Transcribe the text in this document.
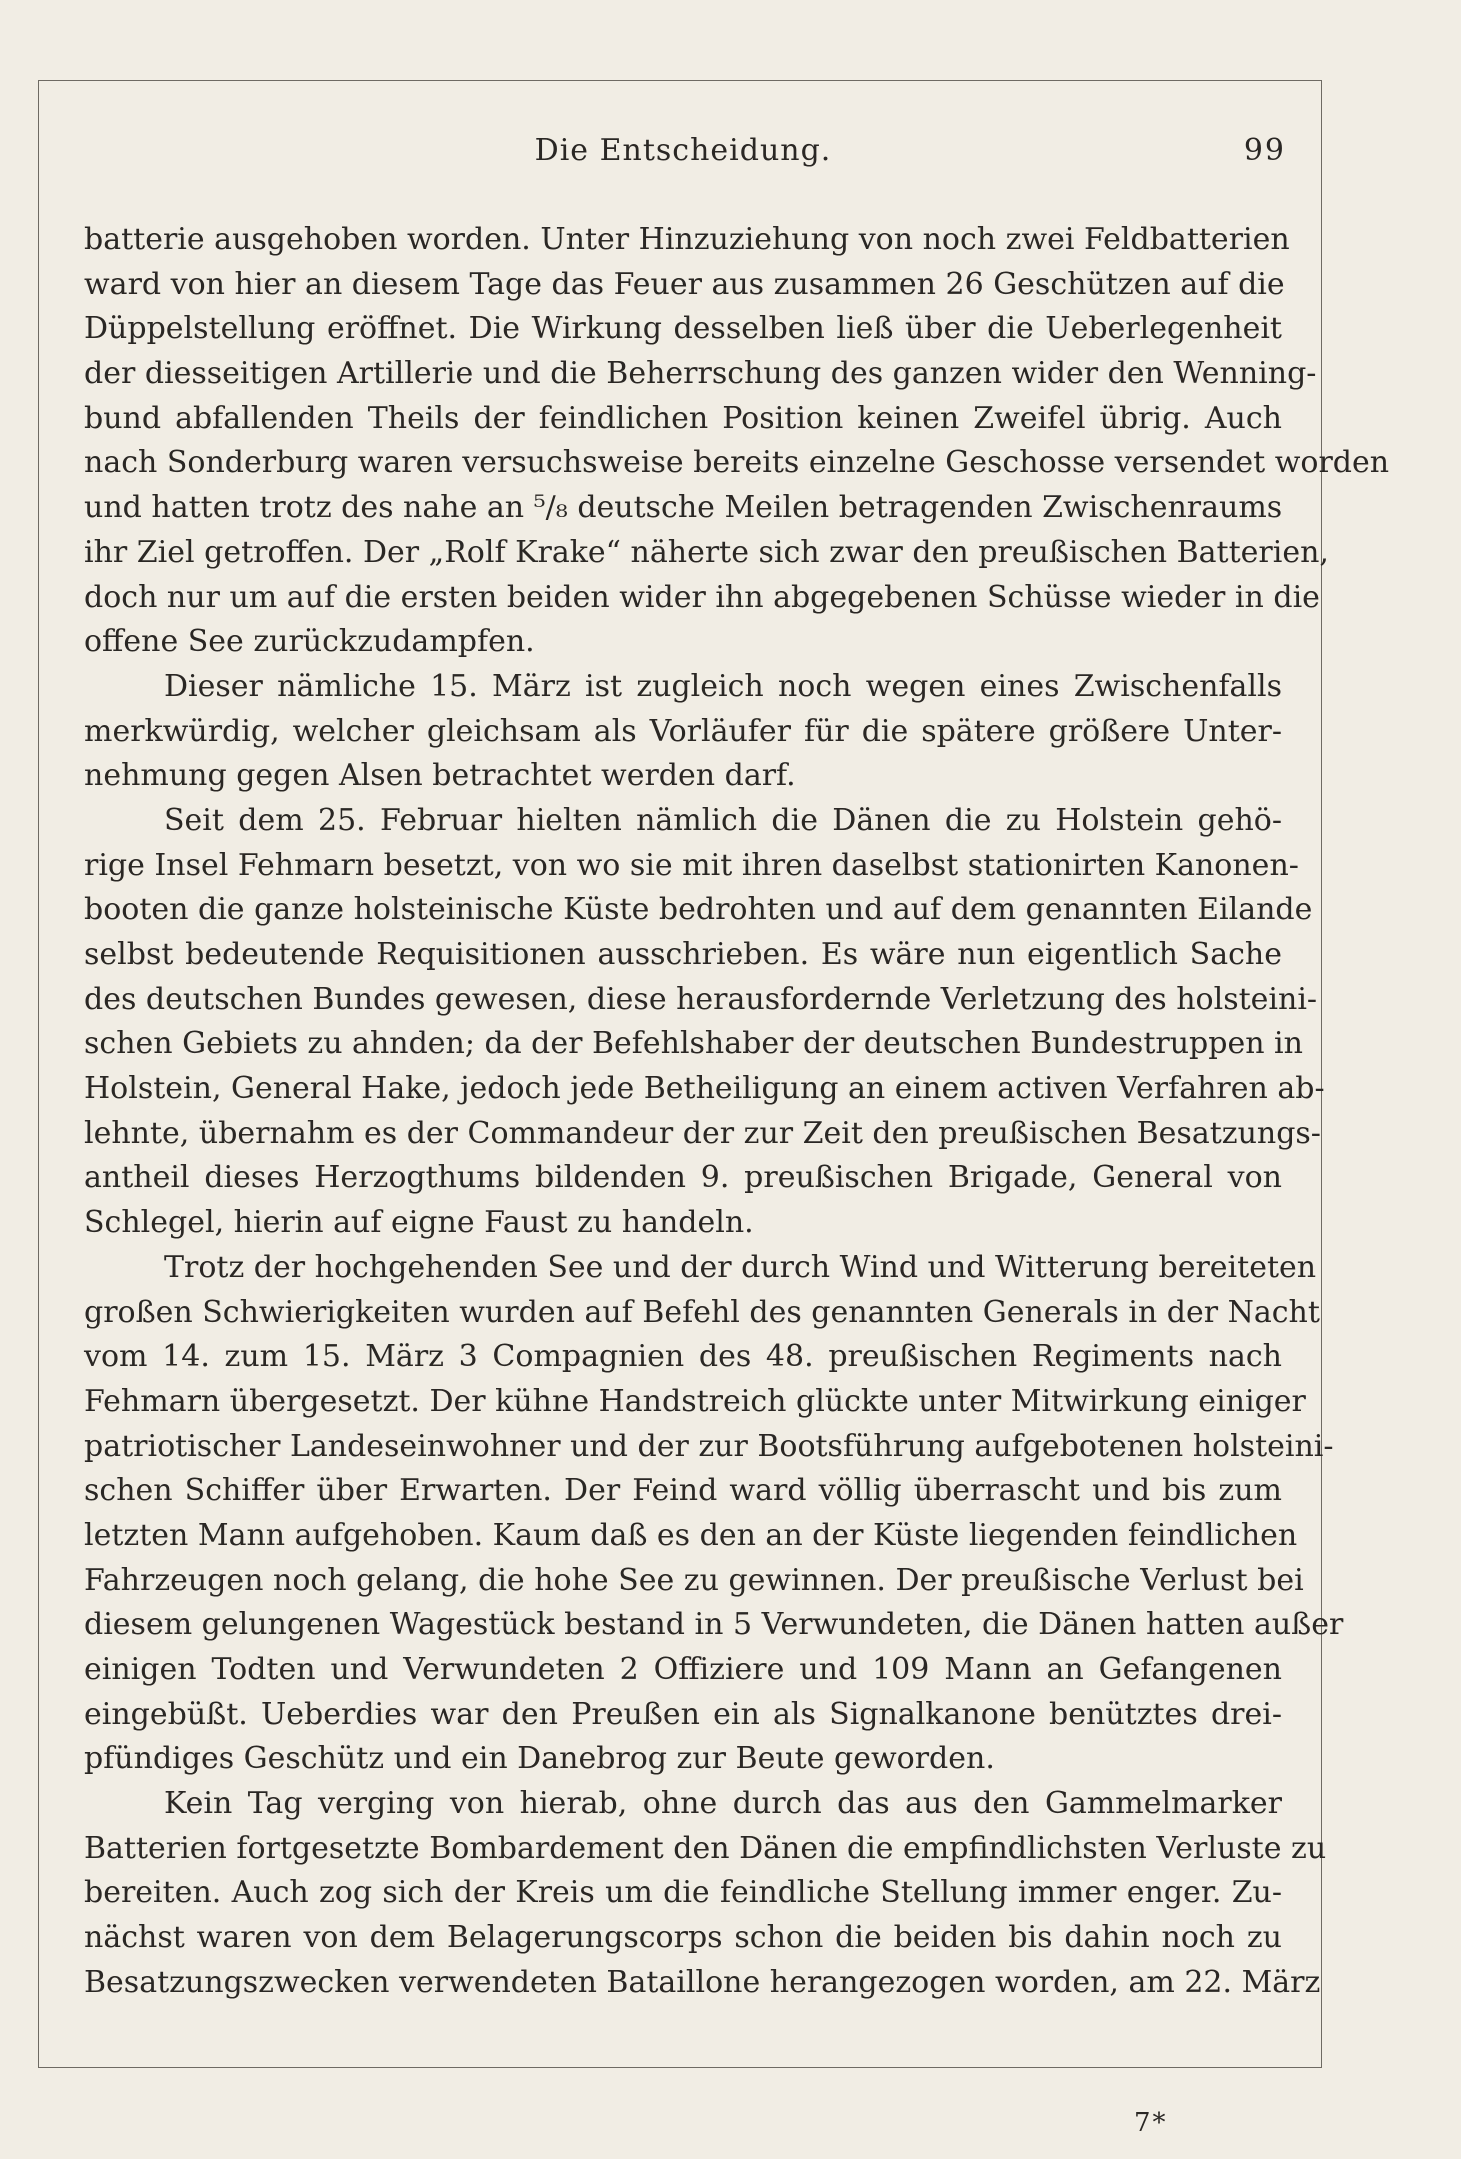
Die Entscheidung.	99
batterie ausgehoben worden. Unter Hinzuziehung von noch zwei Feldbatterien
ward von hier an diesem Tage das Feuer aus zusammen 26 Geschützen auf die
Düppelstellung eröffnet. Die Wirkung desselben ließ über die Ueberlegenheit
der diesseitigen Artillerie und die Beherrschung des ganzen wider den Wenning-
bund abfallenden Theils der feindlichen Position keinen Zweifel übrig. Auch
nach Sonderburg waren versuchsweise bereits einzelne Geschosse versendet worden
und hatten trotz des nahe an ⁵/₈ deutsche Meilen betragenden Zwischenraums
ihr Ziel getroffen. Der „Rolf Krake“ näherte sich zwar den preußischen Batterien,
doch nur um auf die ersten beiden wider ihn abgegebenen Schüsse wieder in die
offene See zurückzudampfen.
Dieser nämliche 15. März ist zugleich noch wegen eines Zwischenfalls
merkwürdig, welcher gleichsam als Vorläufer für die spätere größere Unter-
nehmung gegen Alsen betrachtet werden darf.
Seit dem 25. Februar hielten nämlich die Dänen die zu Holstein gehö-
rige Insel Fehmarn besetzt, von wo sie mit ihren daselbst stationirten Kanonen-
booten die ganze holsteinische Küste bedrohten und auf dem genannten Eilande
selbst bedeutende Requisitionen ausschrieben. Es wäre nun eigentlich Sache
des deutschen Bundes gewesen, diese herausfordernde Verletzung des holsteini-
schen Gebiets zu ahnden; da der Befehlshaber der deutschen Bundestruppen in
Holstein, General Hake, jedoch jede Betheiligung an einem activen Verfahren ab-
lehnte, übernahm es der Commandeur der zur Zeit den preußischen Besatzungs-
antheil dieses Herzogthums bildenden 9. preußischen Brigade, General von
Schlegel, hierin auf eigne Faust zu handeln.
Trotz der hochgehenden See und der durch Wind und Witterung bereiteten
großen Schwierigkeiten wurden auf Befehl des genannten Generals in der Nacht
vom 14. zum 15. März 3 Compagnien des 48. preußischen Regiments nach
Fehmarn übergesetzt. Der kühne Handstreich glückte unter Mitwirkung einiger
patriotischer Landeseinwohner und der zur Bootsführung aufgebotenen holsteini-
schen Schiffer über Erwarten. Der Feind ward völlig überrascht und bis zum
letzten Mann aufgehoben. Kaum daß es den an der Küste liegenden feindlichen
Fahrzeugen noch gelang, die hohe See zu gewinnen. Der preußische Verlust bei
diesem gelungenen Wagestück bestand in 5 Verwundeten, die Dänen hatten außer
einigen Todten und Verwundeten 2 Offiziere und 109 Mann an Gefangenen
eingebüßt. Ueberdies war den Preußen ein als Signalkanone benütztes drei-
pfündiges Geschütz und ein Danebrog zur Beute geworden.
Kein Tag verging von hierab, ohne durch das aus den Gammelmarker
Batterien fortgesetzte Bombardement den Dänen die empfindlichsten Verluste zu
bereiten. Auch zog sich der Kreis um die feindliche Stellung immer enger. Zu-
nächst waren von dem Belagerungscorps schon die beiden bis dahin noch zu
Besatzungszwecken verwendeten Bataillone herangezogen worden, am 22. März
7*
